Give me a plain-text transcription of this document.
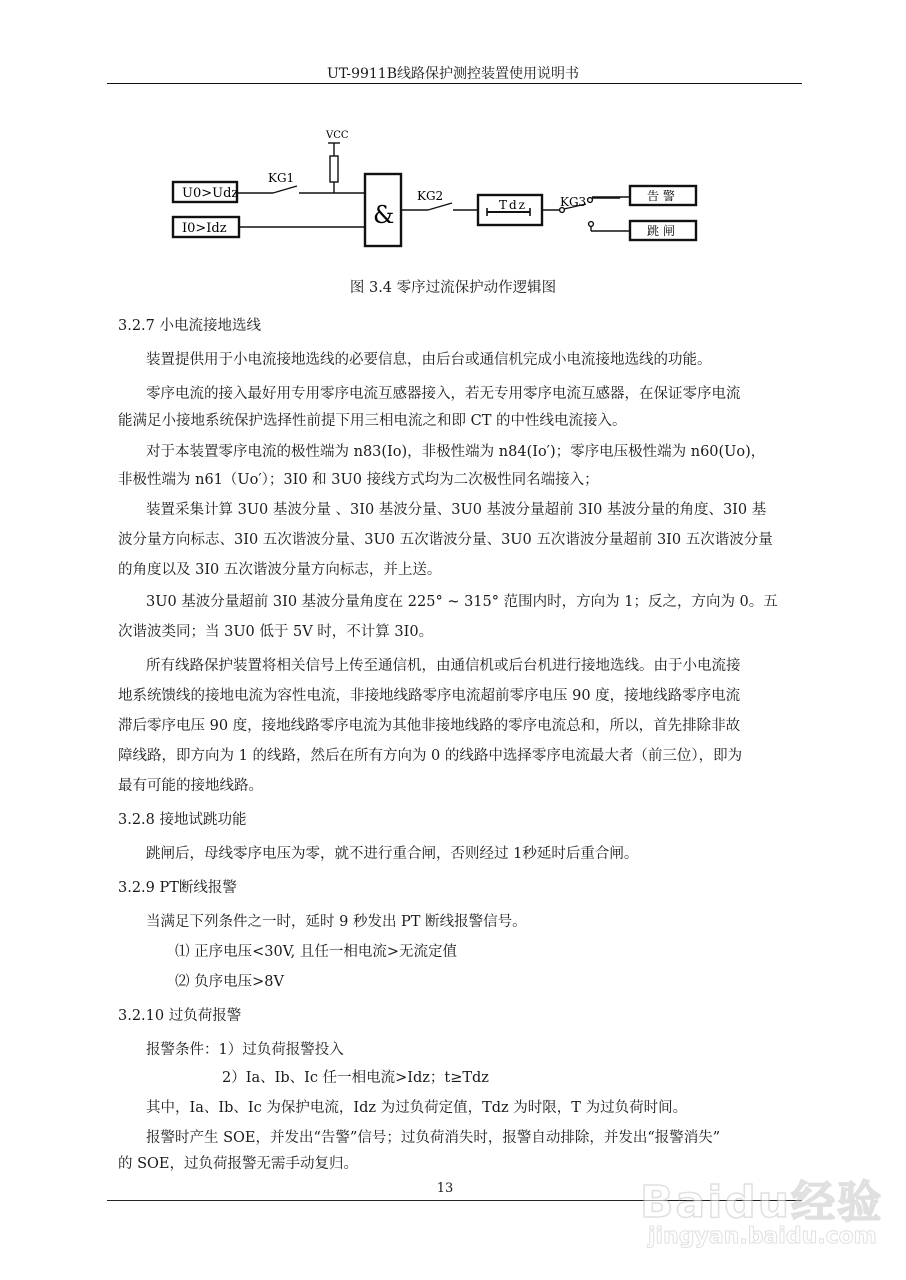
UT-9911B线路保护测控装置使用说明书
U0>Udz
I0>Idz
VCC
KG1
&
KG2
Tdz	KG3	告 警
跳 闸
图 3.4 零序过流保护动作逻辑图
3.2.7 小电流接地选线
装置提供用于小电流接地选线的必要信息，由后台或通信机完成小电流接地选线的功能。
零序电流的接入最好用专用零序电流互感器接入，若无专用零序电流互感器，在保证零序电流
能满足小接地系统保护选择性前提下用三相电流之和即 CT 的中性线电流接入。
对于本装置零序电流的极性端为 n83(Io)，非极性端为 n84(Io′)；零序电压极性端为 n60(Uo)，
非极性端为 n61（Uo′）；3I0 和 3U0 接线方式均为二次极性同名端接入；
装置采集计算 3U0 基波分量 、3I0 基波分量、3U0 基波分量超前 3I0 基波分量的角度、3I0 基
波分量方向标志、3I0 五次谐波分量、3U0 五次谐波分量、3U0 五次谐波分量超前 3I0 五次谐波分量
的角度以及 3I0 五次谐波分量方向标志，并上送。
3U0 基波分量超前 3I0 基波分量角度在 225° ~ 315° 范围内时，方向为 1；反之，方向为 0。五
次谐波类同；当 3U0 低于 5V 时，不计算 3I0。
所有线路保护装置将相关信号上传至通信机，由通信机或后台机进行接地选线。由于小电流接
地系统馈线的接地电流为容性电流，非接地线路零序电流超前零序电压 90 度，接地线路零序电流
滞后零序电压 90 度，接地线路零序电流为其他非接地线路的零序电流总和，所以，首先排除非故
障线路，即方向为 1 的线路，然后在所有方向为 0 的线路中选择零序电流最大者（前三位），即为
最有可能的接地线路。
3.2.8 接地试跳功能
跳闸后，母线零序电压为零，就不进行重合闸，否则经过 1秒延时后重合闸。
3.2.9 PT断线报警
当满足下列条件之一时，延时 9 秒发出 PT 断线报警信号。
⑴ 正序电压<30V, 且任一相电流>无流定值
⑵ 负序电压>8V
3.2.10 过负荷报警
报警条件：1）过负荷报警投入
2）Ia、Ib、Ic 任一相电流>Idz；t≥Tdz
其中，Ia、Ib、Ic 为保护电流，Idz 为过负荷定值，Tdz 为时限，T 为过负荷时间。
报警时产生 SOE，并发出“告警”信号；过负荷消失时，报警自动排除，并发出“报警消失”
的 SOE，过负荷报警无需手动复归。
13	Baidu经验
jingyan.baidu.com
